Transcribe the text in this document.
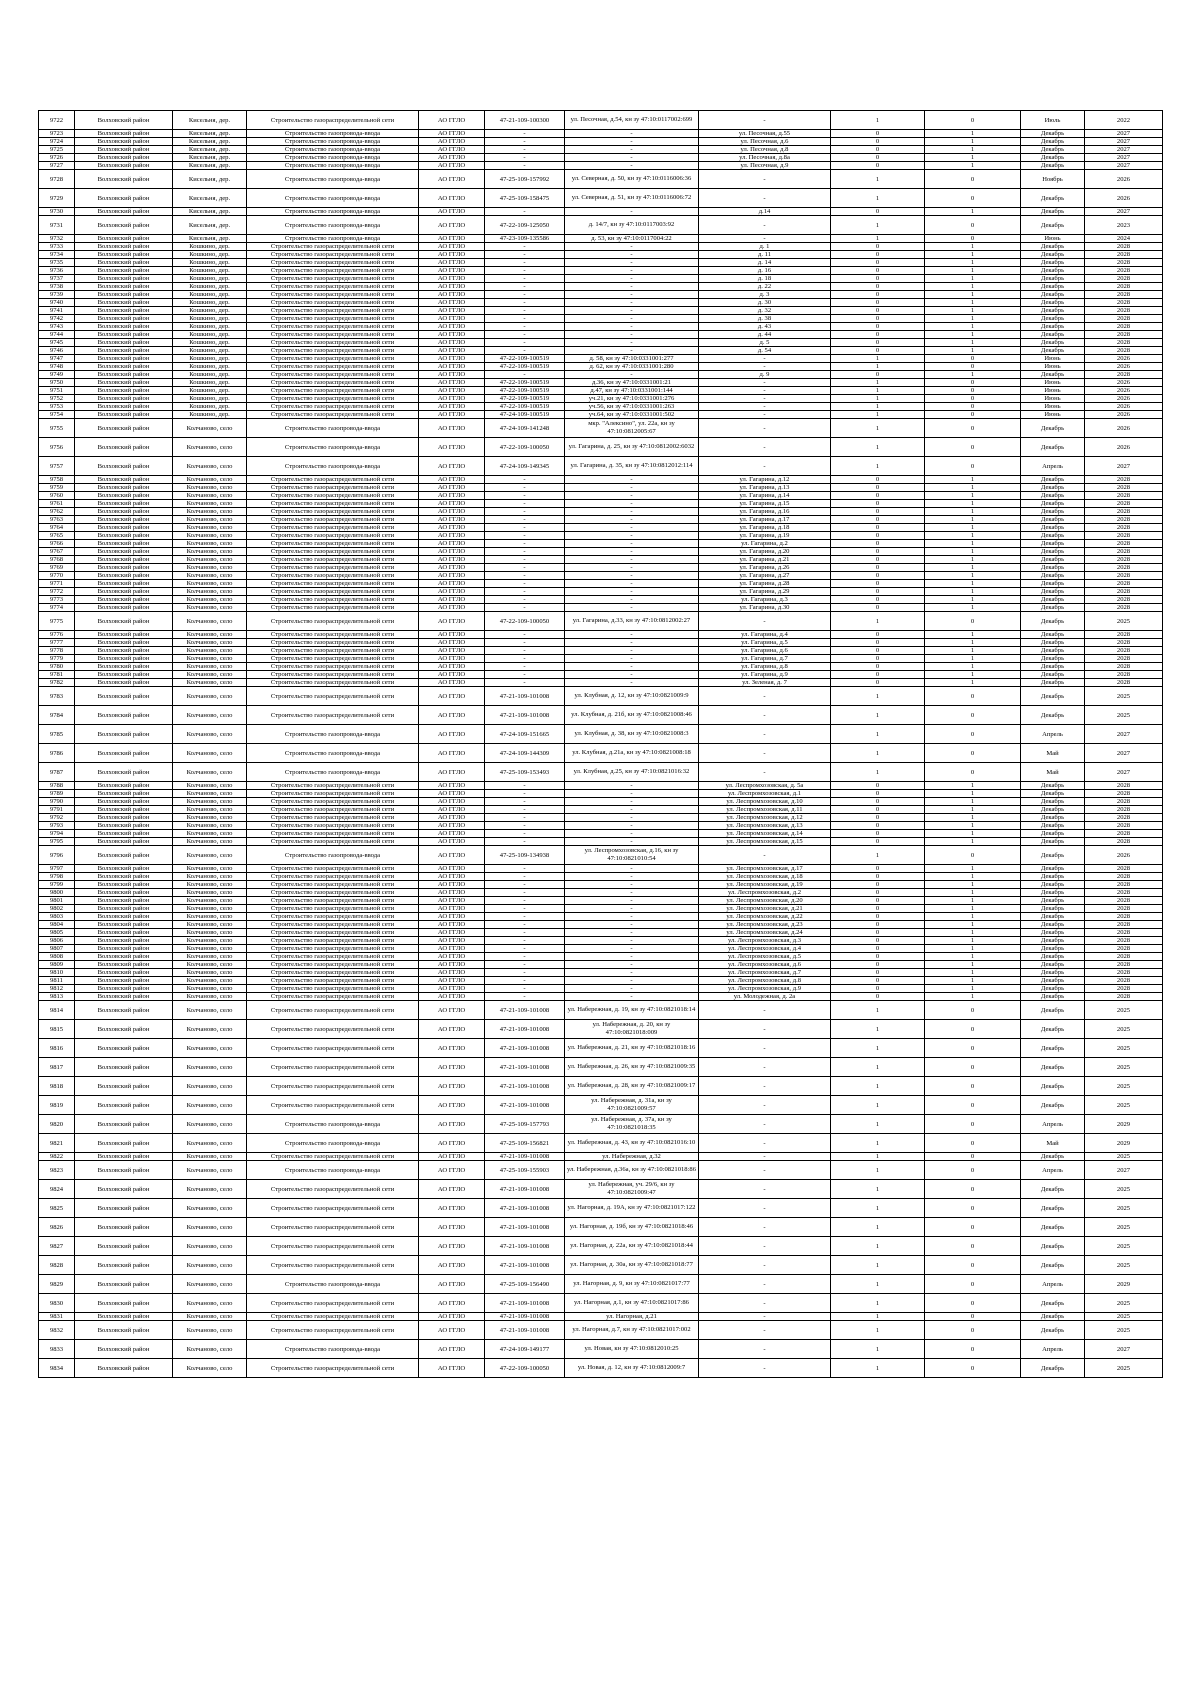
9722	Волховский район	Кисельня, дер.	Строительство газораспределительной сети	АО ГГЛО	47-21-109-100300	ул. Песочная, д.54, кн зу 47:10:0117002:699	-	1	0	Июль	2022
9723	Волховский район	Кисельня, дер.	Строительство газопровода-ввода	АО ГГЛО	-	-	ул. Песочная, д.55	0	1	Декабрь	2027
9724	Волховский район	Кисельня, дер.	Строительство газопровода-ввода	АО ГГЛО	-	-	ул. Песочная, д.6	0	1	Декабрь	2027
9725	Волховский район	Кисельня, дер.	Строительство газопровода-ввода	АО ГГЛО	-	-	ул. Песочная, д.8	0	1	Декабрь	2027
9726	Волховский район	Кисельня, дер.	Строительство газопровода-ввода	АО ГГЛО	-	-	ул. Песочная, д.8а	0	1	Декабрь	2027
9727	Волховский район	Кисельня, дер.	Строительство газопровода-ввода	АО ГГЛО	-	-	ул. Песочная, д.9	0	1	Декабрь	2027
9728	Волховский район	Кисельня, дер.	Строительство газопровода-ввода	АО ГГЛО	47-25-109-157992	ул. Северная, д. 50, кн зу 47:10:0116006:36	-	1	0	Ноябрь	2026
9729	Волховский район	Кисельня, дер.	Строительство газопровода-ввода	АО ГГЛО	47-25-109-158475	ул. Северная, д. 51, кн зу 47:10:0116006:72	-	1	0	Декабрь	2026
9730	Волховский район	Кисельня, дер.	Строительство газопровода-ввода	АО ГГЛО	-	-	д.14	0	1	Декабрь	2027
9731	Волховский район	Кисельня, дер.	Строительство газопровода-ввода	АО ГГЛО	47-22-109-125050	д. 14/7, кн зу 47:10:0117003:92	-	1	0	Декабрь	2023
9732	Волховский район	Кисельня, дер.	Строительство газопровода-ввода	АО ГГЛО	47-23-109-135586	д. 53, кн зу 47:10:0117004:22	-	1	0	Июнь	2024
9733	Волховский район	Кошкино, дер.	Строительство газораспределительной сети	АО ГГЛО	-	-	д. 1	0	1	Декабрь	2028
9734	Волховский район	Кошкино, дер.	Строительство газораспределительной сети	АО ГГЛО	-	-	д. 11	0	1	Декабрь	2028
9735	Волховский район	Кошкино, дер.	Строительство газораспределительной сети	АО ГГЛО	-	-	д. 14	0	1	Декабрь	2028
9736	Волховский район	Кошкино, дер.	Строительство газораспределительной сети	АО ГГЛО	-	-	д. 16	0	1	Декабрь	2028
9737	Волховский район	Кошкино, дер.	Строительство газораспределительной сети	АО ГГЛО	-	-	д. 18	0	1	Декабрь	2028
9738	Волховский район	Кошкино, дер.	Строительство газораспределительной сети	АО ГГЛО	-	-	д. 22	0	1	Декабрь	2028
9739	Волховский район	Кошкино, дер.	Строительство газораспределительной сети	АО ГГЛО	-	-	д. 3	0	1	Декабрь	2028
9740	Волховский район	Кошкино, дер.	Строительство газораспределительной сети	АО ГГЛО	-	-	д. 30	0	1	Декабрь	2028
9741	Волховский район	Кошкино, дер.	Строительство газораспределительной сети	АО ГГЛО	-	-	д. 32	0	1	Декабрь	2028
9742	Волховский район	Кошкино, дер.	Строительство газораспределительной сети	АО ГГЛО	-	-	д. 38	0	1	Декабрь	2028
9743	Волховский район	Кошкино, дер.	Строительство газораспределительной сети	АО ГГЛО	-	-	д. 43	0	1	Декабрь	2028
9744	Волховский район	Кошкино, дер.	Строительство газораспределительной сети	АО ГГЛО	-	-	д. 44	0	1	Декабрь	2028
9745	Волховский район	Кошкино, дер.	Строительство газораспределительной сети	АО ГГЛО	-	-	д. 5	0	1	Декабрь	2028
9746	Волховский район	Кошкино, дер.	Строительство газораспределительной сети	АО ГГЛО	-	-	д. 54	0	1	Декабрь	2028
9747	Волховский район	Кошкино, дер.	Строительство газораспределительной сети	АО ГГЛО	47-22-109-100519	д. 58, кн зу 47:10:0331001:277	-	1	0	Июнь	2026
9748	Волховский район	Кошкино, дер.	Строительство газораспределительной сети	АО ГГЛО	47-22-109-100519	д. 62, кн зу 47:10:0331001:280	-	1	0	Июнь	2026
9749	Волховский район	Кошкино, дер.	Строительство газораспределительной сети	АО ГГЛО	-	-	д. 9	0	1	Декабрь	2028
9750	Волховский район	Кошкино, дер.	Строительство газораспределительной сети	АО ГГЛО	47-22-109-100519	д.36, кн зу 47:10:0331001:21	-	1	0	Июнь	2026
9751	Волховский район	Кошкино, дер.	Строительство газораспределительной сети	АО ГГЛО	47-22-109-100519	д.47, кн зу 47:10:0331001:144	-	1	0	Июнь	2026
9752	Волховский район	Кошкино, дер.	Строительство газораспределительной сети	АО ГГЛО	47-22-109-100519	уч.21, кн зу 47:10:0331001:276	-	1	0	Июнь	2026
9753	Волховский район	Кошкино, дер.	Строительство газораспределительной сети	АО ГГЛО	47-22-109-100519	уч.56, кн зу 47:10:0331001:263	-	1	0	Июнь	2026
9754	Волховский район	Кошкино, дер.	Строительство газораспределительной сети	АО ГГЛО	47-24-109-100519	уч.64, кн зу 47:10:0331001:502	-	1	0	Июнь	2026
9755	Волховский район	Колчаново, село	Строительство газопровода-ввода	АО ГГЛО	47-24-109-141248	мкр. "Алексино", ул. 22а, кн зу 47:10:0812005:67	-	1	0	Декабрь	2026
9756	Волховский район	Колчаново, село	Строительство газопровода-ввода	АО ГГЛО	47-22-109-100050	ул. Гагарина, д. 25, кн зу 47:10:0812002:6032	-	1	0	Декабрь	2026
9757	Волховский район	Колчаново, село	Строительство газопровода-ввода	АО ГГЛО	47-24-109-149345	ул. Гагарина, д. 35, кн зу 47:10:0812012:114	-	1	0	Апрель	2027
9758	Волховский район	Колчаново, село	Строительство газораспределительной сети	АО ГГЛО	-	-	ул. Гагарина, д.12	0	1	Декабрь	2028
9759	Волховский район	Колчаново, село	Строительство газораспределительной сети	АО ГГЛО	-	-	ул. Гагарина, д.13	0	1	Декабрь	2028
9760	Волховский район	Колчаново, село	Строительство газораспределительной сети	АО ГГЛО	-	-	ул. Гагарина, д.14	0	1	Декабрь	2028
9761	Волховский район	Колчаново, село	Строительство газораспределительной сети	АО ГГЛО	-	-	ул. Гагарина, д.15	0	1	Декабрь	2028
9762	Волховский район	Колчаново, село	Строительство газораспределительной сети	АО ГГЛО	-	-	ул. Гагарина, д.16	0	1	Декабрь	2028
9763	Волховский район	Колчаново, село	Строительство газораспределительной сети	АО ГГЛО	-	-	ул. Гагарина, д.17	0	1	Декабрь	2028
9764	Волховский район	Колчаново, село	Строительство газораспределительной сети	АО ГГЛО	-	-	ул. Гагарина, д.18	0	1	Декабрь	2028
9765	Волховский район	Колчаново, село	Строительство газораспределительной сети	АО ГГЛО	-	-	ул. Гагарина, д.19	0	1	Декабрь	2028
9766	Волховский район	Колчаново, село	Строительство газораспределительной сети	АО ГГЛО	-	-	ул. Гагарина, д.2	0	1	Декабрь	2028
9767	Волховский район	Колчаново, село	Строительство газораспределительной сети	АО ГГЛО	-	-	ул. Гагарина, д.20	0	1	Декабрь	2028
9768	Волховский район	Колчаново, село	Строительство газораспределительной сети	АО ГГЛО	-	-	ул. Гагарина, д.21	0	1	Декабрь	2028
9769	Волховский район	Колчаново, село	Строительство газораспределительной сети	АО ГГЛО	-	-	ул. Гагарина, д.26	0	1	Декабрь	2028
9770	Волховский район	Колчаново, село	Строительство газораспределительной сети	АО ГГЛО	-	-	ул. Гагарина, д.27	0	1	Декабрь	2028
9771	Волховский район	Колчаново, село	Строительство газораспределительной сети	АО ГГЛО	-	-	ул. Гагарина, д.28	0	1	Декабрь	2028
9772	Волховский район	Колчаново, село	Строительство газораспределительной сети	АО ГГЛО	-	-	ул. Гагарина, д.29	0	1	Декабрь	2028
9773	Волховский район	Колчаново, село	Строительство газораспределительной сети	АО ГГЛО	-	-	ул. Гагарина, д.3	0	1	Декабрь	2028
9774	Волховский район	Колчаново, село	Строительство газораспределительной сети	АО ГГЛО	-	-	ул. Гагарина, д.30	0	1	Декабрь	2028
9775	Волховский район	Колчаново, село	Строительство газораспределительной сети	АО ГГЛО	47-22-109-100050	ул. Гагарина, д.33, кн зу 47:10:0812002:27	-	1	0	Декабрь	2025
9776	Волховский район	Колчаново, село	Строительство газораспределительной сети	АО ГГЛО	-	-	ул. Гагарина, д.4	0	1	Декабрь	2028
9777	Волховский район	Колчаново, село	Строительство газораспределительной сети	АО ГГЛО	-	-	ул. Гагарина, д.5	0	1	Декабрь	2028
9778	Волховский район	Колчаново, село	Строительство газораспределительной сети	АО ГГЛО	-	-	ул. Гагарина, д.6	0	1	Декабрь	2028
9779	Волховский район	Колчаново, село	Строительство газораспределительной сети	АО ГГЛО	-	-	ул. Гагарина, д.7	0	1	Декабрь	2028
9780	Волховский район	Колчаново, село	Строительство газораспределительной сети	АО ГГЛО	-	-	ул. Гагарина, д.8	0	1	Декабрь	2028
9781	Волховский район	Колчаново, село	Строительство газораспределительной сети	АО ГГЛО	-	-	ул. Гагарина, д.9	0	1	Декабрь	2028
9782	Волховский район	Колчаново, село	Строительство газораспределительной сети	АО ГГЛО	-	-	ул. Зеленая, д. 7	0	1	Декабрь	2028
9783	Волховский район	Колчаново, село	Строительство газораспределительной сети	АО ГГЛО	47-21-109-101008	ул. Клубная, д. 12, кн зу 47:10:0821009:9	-	1	0	Декабрь	2025
9784	Волховский район	Колчаново, село	Строительство газораспределительной сети	АО ГГЛО	47-21-109-101008	ул. Клубная, д. 21б, кн зу 47:10:0821008:46	-	1	0	Декабрь	2025
9785	Волховский район	Колчаново, село	Строительство газопровода-ввода	АО ГГЛО	47-24-109-151665	ул. Клубная, д. 38, кн зу 47:10:0821008:3	-	1	0	Апрель	2027
9786	Волховский район	Колчаново, село	Строительство газопровода-ввода	АО ГГЛО	47-24-109-144309	ул. Клубная, д.21а, кн зу 47:10:0821008:18	-	1	0	Май	2027
9787	Волховский район	Колчаново, село	Строительство газопровода-ввода	АО ГГЛО	47-25-109-153493	ул. Клубная, д.25, кн зу 47:10:0821016:32	-	1	0	Май	2027
9788	Волховский район	Колчаново, село	Строительство газораспределительной сети	АО ГГЛО	-	-	ул. Леспромхозовская, д. 5а	0	1	Декабрь	2028
9789	Волховский район	Колчаново, село	Строительство газораспределительной сети	АО ГГЛО	-	-	ул. Леспромхозовская, д.1	0	1	Декабрь	2028
9790	Волховский район	Колчаново, село	Строительство газораспределительной сети	АО ГГЛО	-	-	ул. Леспромхозовская, д.10	0	1	Декабрь	2028
9791	Волховский район	Колчаново, село	Строительство газораспределительной сети	АО ГГЛО	-	-	ул. Леспромхозовская, д.11	0	1	Декабрь	2028
9792	Волховский район	Колчаново, село	Строительство газораспределительной сети	АО ГГЛО	-	-	ул. Леспромхозовская, д.12	0	1	Декабрь	2028
9793	Волховский район	Колчаново, село	Строительство газораспределительной сети	АО ГГЛО	-	-	ул. Леспромхозовская, д.13	0	1	Декабрь	2028
9794	Волховский район	Колчаново, село	Строительство газораспределительной сети	АО ГГЛО	-	-	ул. Леспромхозовская, д.14	0	1	Декабрь	2028
9795	Волховский район	Колчаново, село	Строительство газораспределительной сети	АО ГГЛО	-	-	ул. Леспромхозовская, д.15	0	1	Декабрь	2028
9796	Волховский район	Колчаново, село	Строительство газопровода-ввода	АО ГГЛО	47-25-109-134938	ул. Леспромхозовская, д.16, кн зу 47:10:0821010:54	-	1	0	Декабрь	2026
9797	Волховский район	Колчаново, село	Строительство газораспределительной сети	АО ГГЛО	-	-	ул. Леспромхозовская, д.17	0	1	Декабрь	2028
9798	Волховский район	Колчаново, село	Строительство газораспределительной сети	АО ГГЛО	-	-	ул. Леспромхозовская, д.18	0	1	Декабрь	2028
9799	Волховский район	Колчаново, село	Строительство газораспределительной сети	АО ГГЛО	-	-	ул. Леспромхозовская, д.19	0	1	Декабрь	2028
9800	Волховский район	Колчаново, село	Строительство газораспределительной сети	АО ГГЛО	-	-	ул. Леспромхозовская, д.2	0	1	Декабрь	2028
9801	Волховский район	Колчаново, село	Строительство газораспределительной сети	АО ГГЛО	-	-	ул. Леспромхозовская, д.20	0	1	Декабрь	2028
9802	Волховский район	Колчаново, село	Строительство газораспределительной сети	АО ГГЛО	-	-	ул. Леспромхозовская, д.21	0	1	Декабрь	2028
9803	Волховский район	Колчаново, село	Строительство газораспределительной сети	АО ГГЛО	-	-	ул. Леспромхозовская, д.22	0	1	Декабрь	2028
9804	Волховский район	Колчаново, село	Строительство газораспределительной сети	АО ГГЛО	-	-	ул. Леспромхозовская, д.23	0	1	Декабрь	2028
9805	Волховский район	Колчаново, село	Строительство газораспределительной сети	АО ГГЛО	-	-	ул. Леспромхозовская, д.24	0	1	Декабрь	2028
9806	Волховский район	Колчаново, село	Строительство газораспределительной сети	АО ГГЛО	-	-	ул. Леспромхозовская, д.3	0	1	Декабрь	2028
9807	Волховский район	Колчаново, село	Строительство газораспределительной сети	АО ГГЛО	-	-	ул. Леспромхозовская, д.4	0	1	Декабрь	2028
9808	Волховский район	Колчаново, село	Строительство газораспределительной сети	АО ГГЛО	-	-	ул. Леспромхозовская, д.5	0	1	Декабрь	2028
9809	Волховский район	Колчаново, село	Строительство газораспределительной сети	АО ГГЛО	-	-	ул. Леспромхозовская, д.6	0	1	Декабрь	2028
9810	Волховский район	Колчаново, село	Строительство газораспределительной сети	АО ГГЛО	-	-	ул. Леспромхозовская, д.7	0	1	Декабрь	2028
9811	Волховский район	Колчаново, село	Строительство газораспределительной сети	АО ГГЛО	-	-	ул. Леспромхозовская, д.8	0	1	Декабрь	2028
9812	Волховский район	Колчаново, село	Строительство газораспределительной сети	АО ГГЛО	-	-	ул. Леспромхозовская, д.9	0	1	Декабрь	2028
9813	Волховский район	Колчаново, село	Строительство газораспределительной сети	АО ГГЛО	-	-	ул. Молодежная, д. 2а	0	1	Декабрь	2028
9814	Волховский район	Колчаново, село	Строительство газораспределительной сети	АО ГГЛО	47-21-109-101008	ул. Набережная, д. 19, кн зу 47:10:0821018:14	-	1	0	Декабрь	2025
9815	Волховский район	Колчаново, село	Строительство газораспределительной сети	АО ГГЛО	47-21-109-101008	ул. Набережная, д. 20, кн зу 47:10:0821018:009	-	1	0	Декабрь	2025
9816	Волховский район	Колчаново, село	Строительство газораспределительной сети	АО ГГЛО	47-21-109-101008	ул. Набережная, д. 21, кн зу 47:10:0821018:16	-	1	0	Декабрь	2025
9817	Волховский район	Колчаново, село	Строительство газораспределительной сети	АО ГГЛО	47-21-109-101008	ул. Набережная, д. 26, кн зу 47:10:0821009:35	-	1	0	Декабрь	2025
9818	Волховский район	Колчаново, село	Строительство газораспределительной сети	АО ГГЛО	47-21-109-101008	ул. Набережная, д. 28, кн зу 47:10:0821009:17	-	1	0	Декабрь	2025
9819	Волховский район	Колчаново, село	Строительство газораспределительной сети	АО ГГЛО	47-21-109-101008	ул. Набережная, д. 31а, кн зу 47:10:0821009:57	-	1	0	Декабрь	2025
9820	Волховский район	Колчаново, село	Строительство газопровода-ввода	АО ГГЛО	47-25-109-157793	ул. Набережная, д. 37а, кн зу 47:10:0821018:35	-	1	0	Апрель	2029
9821	Волховский район	Колчаново, село	Строительство газопровода-ввода	АО ГГЛО	47-25-109-156821	ул. Набережная, д. 43, кн зу 47:10:0821016:10	-	1	0	Май	2029
9822	Волховский район	Колчаново, село	Строительство газораспределительной сети	АО ГГЛО	47-21-109-101008	ул. Набережная, д.32	-	1	0	Декабрь	2025
9823	Волховский район	Колчаново, село	Строительство газопровода-ввода	АО ГГЛО	47-25-109-155903	ул. Набережная, д.36а, кн зу 47:10:0821018:86	-	1	0	Апрель	2027
9824	Волховский район	Колчаново, село	Строительство газораспределительной сети	АО ГГЛО	47-21-109-101008	ул. Набережная, уч. 29/6, кн зу 47:10:0821009:47	-	1	0	Декабрь	2025
9825	Волховский район	Колчаново, село	Строительство газораспределительной сети	АО ГГЛО	47-21-109-101008	ул. Нагорная, д. 19А, кн зу 47:10:0821017:122	-	1	0	Декабрь	2025
9826	Волховский район	Колчаново, село	Строительство газораспределительной сети	АО ГГЛО	47-21-109-101008	ул. Нагорная, д. 19б, кн зу 47:10:0821018:46	-	1	0	Декабрь	2025
9827	Волховский район	Колчаново, село	Строительство газораспределительной сети	АО ГГЛО	47-21-109-101008	ул. Нагорная, д. 22а, кн зу 47:10:0821018:44	-	1	0	Декабрь	2025
9828	Волховский район	Колчаново, село	Строительство газораспределительной сети	АО ГГЛО	47-21-109-101008	ул. Нагорная, д. 30а, кн зу 47:10:0821018:77	-	1	0	Декабрь	2025
9829	Волховский район	Колчаново, село	Строительство газопровода-ввода	АО ГГЛО	47-25-109-156490	ул. Нагорная, д. 9, кн зу 47:10:0821017:77	-	1	0	Апрель	2029
9830	Волховский район	Колчаново, село	Строительство газораспределительной сети	АО ГГЛО	47-21-109-101008	ул. Нагорная, д.1, кн зу 47:10:0821017:86	-	1	0	Декабрь	2025
9831	Волховский район	Колчаново, село	Строительство газораспределительной сети	АО ГГЛО	47-21-109-101008	ул. Нагорная, д.21	-	1	0	Декабрь	2025
9832	Волховский район	Колчаново, село	Строительство газораспределительной сети	АО ГГЛО	47-21-109-101008	ул. Нагорная, д.7, кн зу 47:10:0821017:002	-	1	0	Декабрь	2025
9833	Волховский район	Колчаново, село	Строительство газопровода-ввода	АО ГГЛО	47-24-109-149177	ул. Новая, кн зу 47:10:0812010:25	-	1	0	Апрель	2027
9834	Волховский район	Колчаново, село	Строительство газораспределительной сети	АО ГГЛО	47-22-109-100050	ул. Новая, д. 12, кн зу 47:10:0812009:7	-	1	0	Декабрь	2025
